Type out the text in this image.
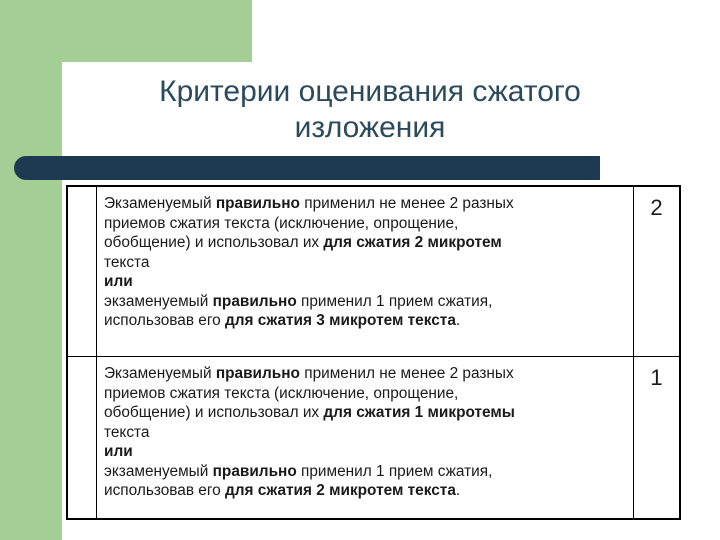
Критерии оценивания сжатого
изложения
Экзаменуемый правильно применил не менее 2 разных
приемов сжатия текста (исключение, опрощение,
обобщение) и использовал их для сжатия 2 микротем
текста
или
экзаменуемый правильно применил 1 прием сжатия,
использовав его для сжатия 3 микротем текста.
2
Экзаменуемый правильно применил не менее 2 разных
приемов сжатия текста (исключение, опрощение,
обобщение) и использовал их для сжатия 1 микротемы
текста
или
экзаменуемый правильно применил 1 прием сжатия,
использовав его для сжатия 2 микротем текста.
1
